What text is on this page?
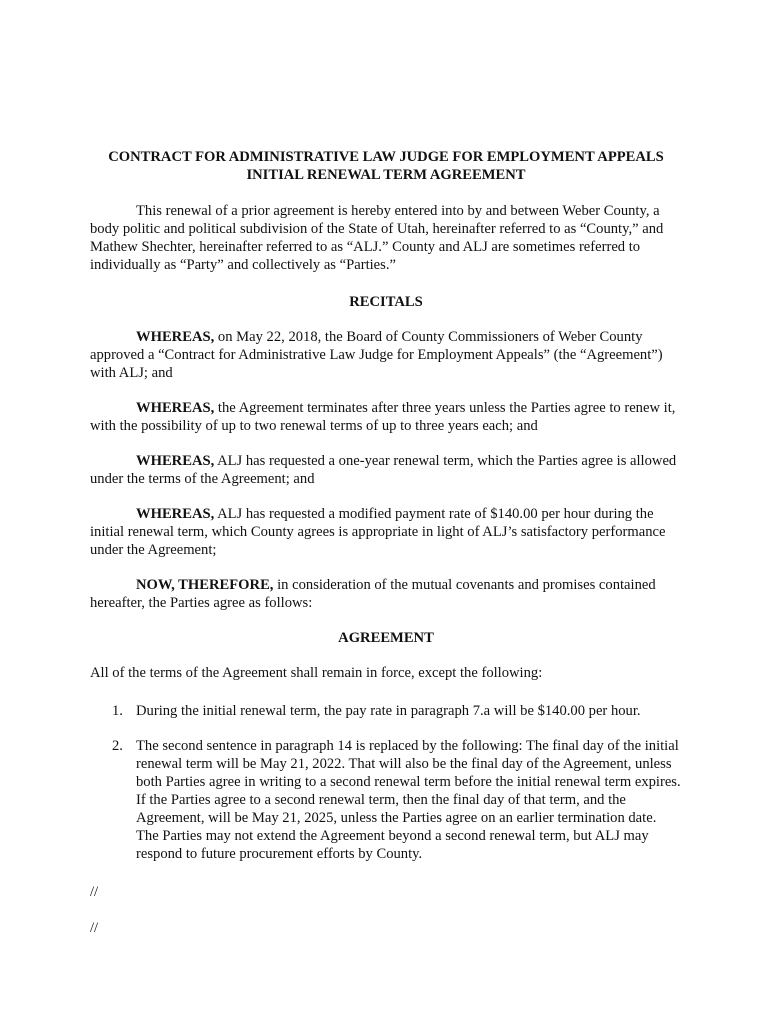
CONTRACT FOR ADMINISTRATIVE LAW JUDGE FOR EMPLOYMENT APPEALS

INITIAL RENEWAL TERM AGREEMENT

This renewal of a prior agreement is hereby entered into by and between Weber County, a body politic and political subdivision of the State of Utah, hereinafter referred to as “County,” and Mathew Shechter, hereinafter referred to as “ALJ.” County and ALJ are sometimes referred to individually as “Party” and collectively as “Parties.”

RECITALS

WHEREAS, on May 22, 2018, the Board of County Commissioners of Weber County approved a “Contract for Administrative Law Judge for Employment Appeals” (the “Agreement”) with ALJ; and

WHEREAS, the Agreement terminates after three years unless the Parties agree to renew it, with the possibility of up to two renewal terms of up to three years each; and

WHEREAS, ALJ has requested a one-year renewal term, which the Parties agree is allowed under the terms of the Agreement; and

WHEREAS, ALJ has requested a modified payment rate of $140.00 per hour during the initial renewal term, which County agrees is appropriate in light of ALJ’s satisfactory performance under the Agreement;

NOW, THEREFORE, in consideration of the mutual covenants and promises contained hereafter, the Parties agree as follows:

AGREEMENT

All of the terms of the Agreement shall remain in force, except the following:

1. During the initial renewal term, the pay rate in paragraph 7.a will be $140.00 per hour.
2. The second sentence in paragraph 14 is replaced by the following: The final day of the initial renewal term will be May 21, 2022. That will also be the final day of the Agreement, unless both Parties agree in writing to a second renewal term before the initial renewal term expires. If the Parties agree to a second renewal term, then the final day of that term, and the Agreement, will be May 21, 2025, unless the Parties agree on an earlier termination date. The Parties may not extend the Agreement beyond a second renewal term, but ALJ may respond to future procurement efforts by County.

//

//
